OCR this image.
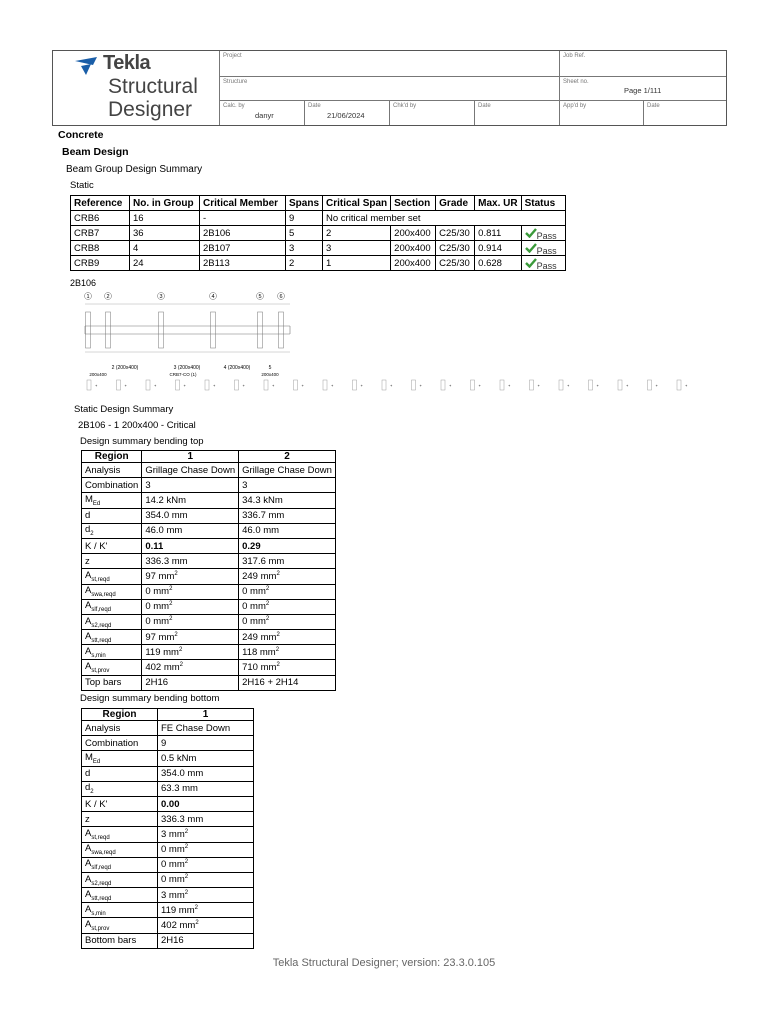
Tekla
Structural
Designer
Project	Job Ref.
Structure	Sheet no.
Page 1/111
Calc. by
danyr
Date
21/06/2024
Chk'd by	Date	App'd by	Date
Concrete
Beam Design
Beam Group Design Summary
Static
Reference	No. in Group	Critical Member	Spans	Critical Span	Section	Grade	Max. UR	Status
CRB6	16	-	9	No critical member set				
CRB7	36	2B106	5	2	200x400	C25/30	0.811	Pass
CRB8	4	2B107	3	3	200x400	C25/30	0.914	Pass
CRB9	24	2B113	2	1	200x400	C25/30	0.628	Pass
2B106
1	2	3	4	5	6
2 (200x400)	3 (200x400)	4 (200x400)	5
200x400	CRB7-CO (1)	200x400
+	+	+	+	+	+	+	+	+	+	+	+	+	+	+	+	+	+	+	+	+
Static Design Summary
2B106 - 1 200x400 - Critical
Design summary bending top
Region	1	2
Analysis	Grillage Chase Down	Grillage Chase Down
Combination	3	3
$M_{Ed}$	14.2 kNm	34.3 kNm
d	354.0 mm	336.7 mm
$d_2$	46.0 mm	46.0 mm
K / K'	0.11	0.29
z	336.3 mm	317.6 mm
$A_{st,reqd}$	97 $mm^2$	249 $mm^2$
$A_{swa,reqd}$	0 $mm^2$	0 $mm^2$
$A_{slf,reqd}$	0 $mm^2$	0 $mm^2$
$A_{s2,reqd}$	0 $mm^2$	0 $mm^2$
$A_{stt,reqd}$	97 $mm^2$	249 $mm^2$
$A_{s,min}$	119 $mm^2$	118 $mm^2$
$A_{st,prov}$	402 $mm^2$	710 $mm^2$
Top bars	2H16	2H16 + 2H14
Design summary bending bottom
Region	1
Analysis	FE Chase Down
Combination	9
$M_{Ed}$	0.5 kNm
d	354.0 mm
$d_2$	63.3 mm
K / K'	0.00
z	336.3 mm
$A_{st,reqd}$	3 $mm^2$
$A_{swa,reqd}$	0 $mm^2$
$A_{slf,reqd}$	0 $mm^2$
$A_{s2,reqd}$	0 $mm^2$
$A_{stt,reqd}$	3 $mm^2$
$A_{s,min}$	119 $mm^2$
$A_{st,prov}$	402 $mm^2$
Bottom bars	2H16
Tekla Structural Designer; version: 23.3.0.105
